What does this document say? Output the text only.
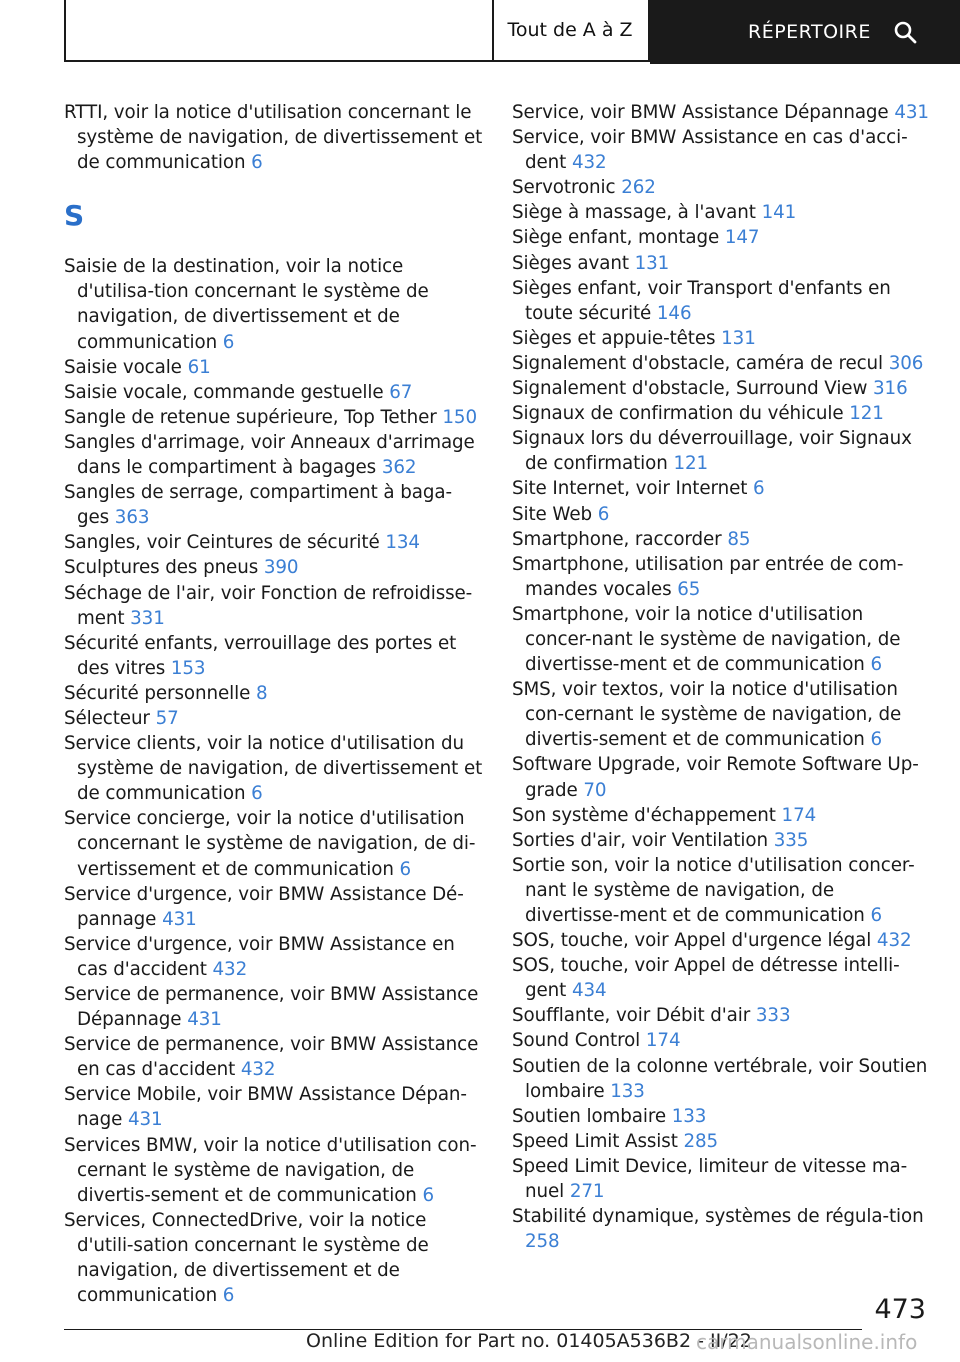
Tout de A à Z	RÉPERTOIRE
RTTI, voir la notice d'utilisation concernant le système de navigation, de divertissement et de communication 6
S
Saisie de la destination, voir la notice d'utilisa-tion concernant le système de navigation, de divertissement et de communication 6
Saisie vocale 61
Saisie vocale, commande gestuelle 67
Sangle de retenue supérieure, Top Tether 150
Sangles d'arrimage, voir Anneaux d'arrimage dans le compartiment à bagages 362
Sangles de serrage, compartiment à baga-ges 363
Sangles, voir Ceintures de sécurité 134
Sculptures des pneus 390
Séchage de l'air, voir Fonction de refroidisse-ment 331
Sécurité enfants, verrouillage des portes et des vitres 153
Sécurité personnelle 8
Sélecteur 57
Service clients, voir la notice d'utilisation du système de navigation, de divertissement et de communication 6
Service concierge, voir la notice d'utilisation concernant le système de navigation, de di-vertissement et de communication 6
Service d'urgence, voir BMW Assistance Dé-pannage 431
Service d'urgence, voir BMW Assistance en cas d'accident 432
Service de permanence, voir BMW Assistance Dépannage 431
Service de permanence, voir BMW Assistance en cas d'accident 432
Service Mobile, voir BMW Assistance Dépan-nage 431
Services BMW, voir la notice d'utilisation con-cernant le système de navigation, de divertis-sement et de communication 6
Services, ConnectedDrive, voir la notice d'utili-sation concernant le système de navigation, de divertissement et de communication 6
Service, voir BMW Assistance Dépannage 431
Service, voir BMW Assistance en cas d'acci-dent 432
Servotronic 262
Siège à massage, à l'avant 141
Siège enfant, montage 147
Sièges avant 131
Sièges enfant, voir Transport d'enfants en toute sécurité 146
Sièges et appuie-têtes 131
Signalement d'obstacle, caméra de recul 306
Signalement d'obstacle, Surround View 316
Signaux de confirmation du véhicule 121
Signaux lors du déverrouillage, voir Signaux de confirmation 121
Site Internet, voir Internet 6
Site Web 6
Smartphone, raccorder 85
Smartphone, utilisation par entrée de com-mandes vocales 65
Smartphone, voir la notice d'utilisation concer-nant le système de navigation, de divertisse-ment et de communication 6
SMS, voir textos, voir la notice d'utilisation con-cernant le système de navigation, de divertis-sement et de communication 6
Software Upgrade, voir Remote Software Up-grade 70
Son système d'échappement 174
Sorties d'air, voir Ventilation 335
Sortie son, voir la notice d'utilisation concer-nant le système de navigation, de divertisse-ment et de communication 6
SOS, touche, voir Appel d'urgence légal 432
SOS, touche, voir Appel de détresse intelli-gent 434
Soufflante, voir Débit d'air 333
Sound Control 174
Soutien de la colonne vertébrale, voir Soutien lombaire 133
Soutien lombaire 133
Speed Limit Assist 285
Speed Limit Device, limiteur de vitesse ma-nuel 271
Stabilité dynamique, systèmes de régula-tion 258
473
Online Edition for Part no. 01405A536B2 - II/22
carmanualsonline.info
